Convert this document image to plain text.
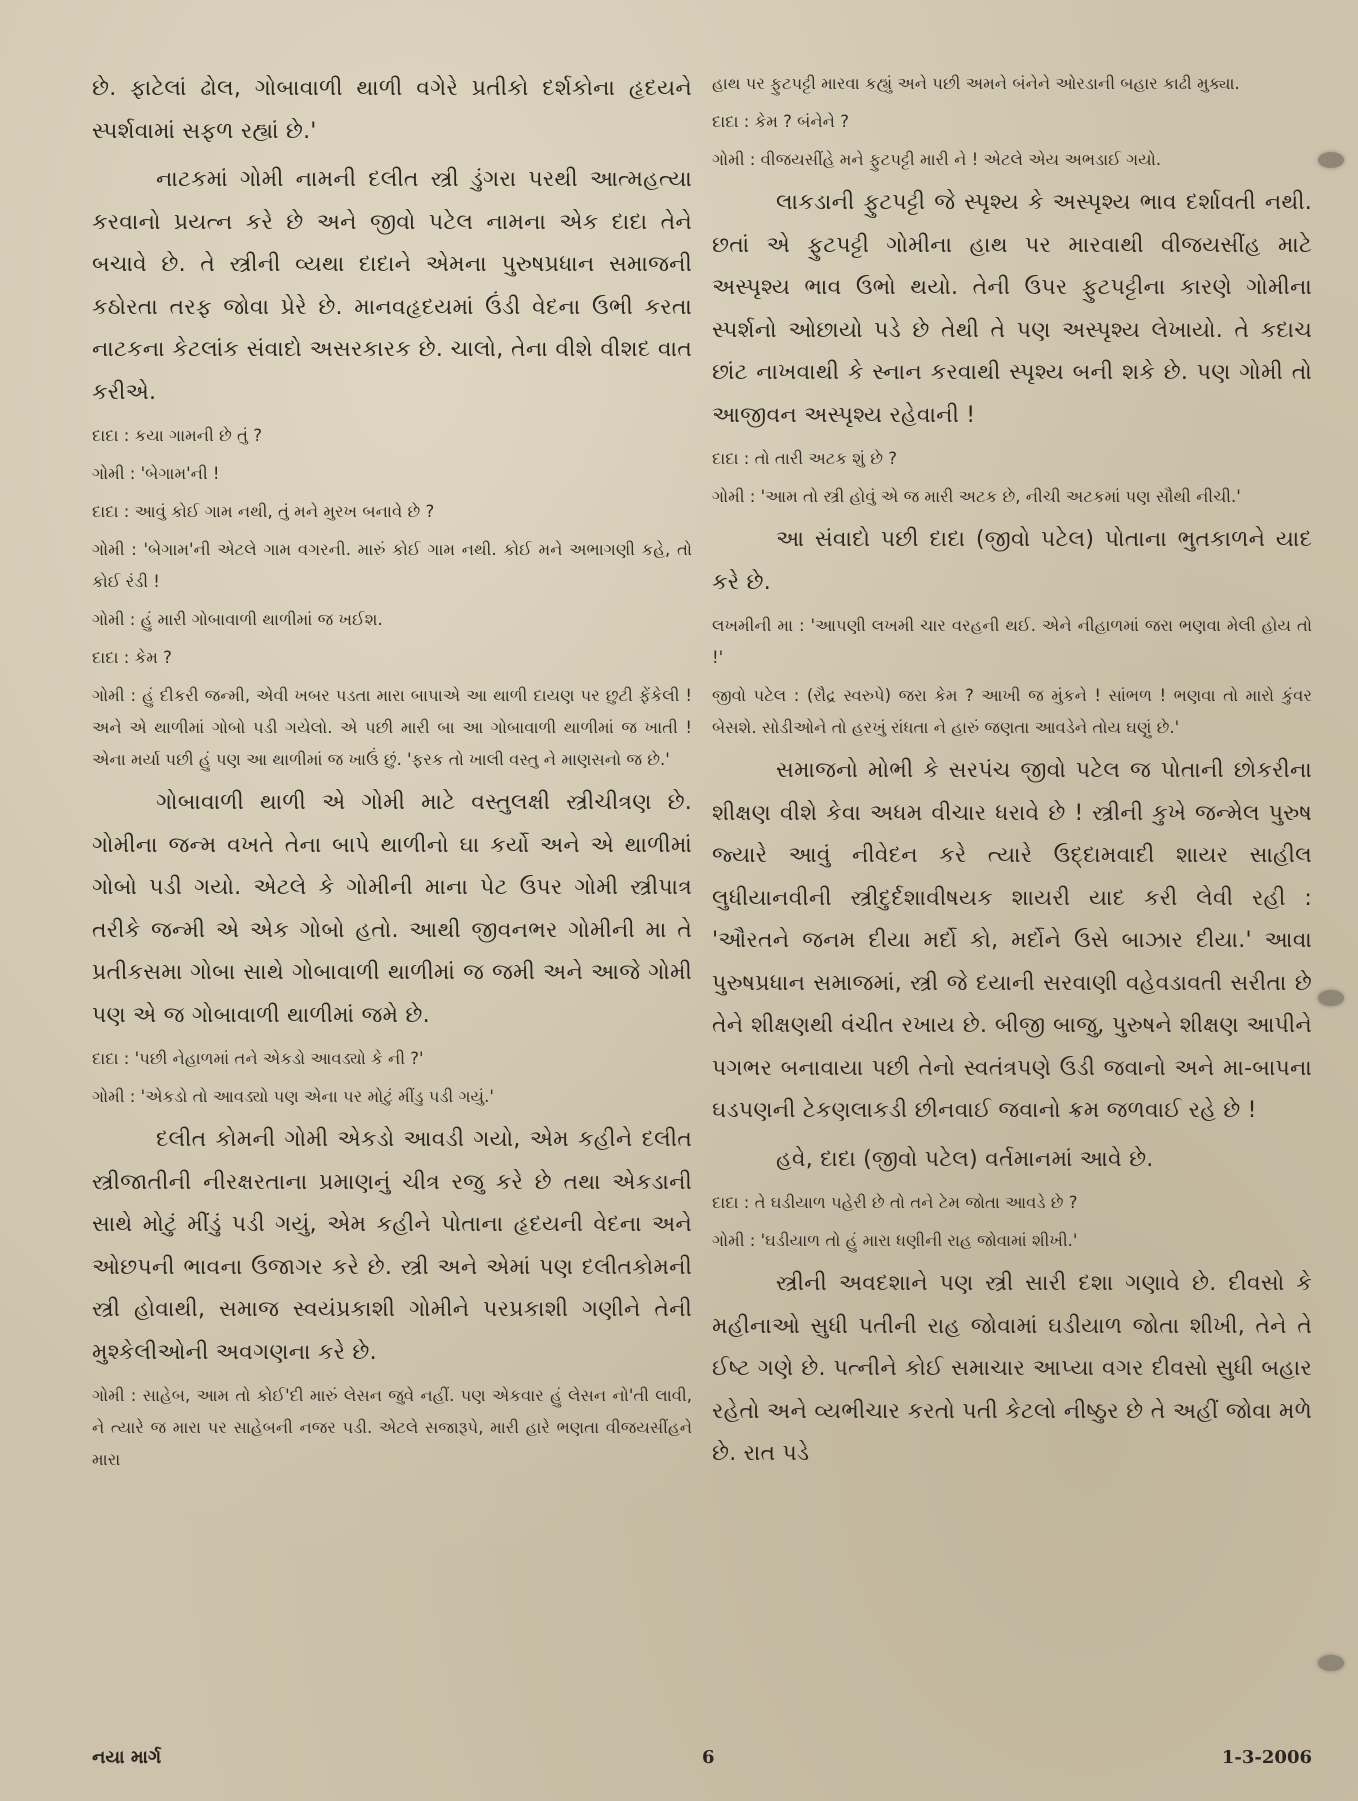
છે. ફાટેલાં ઢોલ, ગોબાવાળી થાળી વગેરે પ્રતીકો દર્શકોના હૃદયને સ્પર્શવામાં સફળ રહ્યાં છે.'

નાટકમાં ગોમી નામની દલીત સ્ત્રી ડુંગરા પરથી આત્મહત્યા કરવાનો પ્રયત્ન કરે છે અને જીવો પટેલ નામના એક દાદા તેને બચાવે છે. તે સ્ત્રીની વ્યથા દાદાને એમના પુરુષપ્રધાન સમાજની કઠોરતા તરફ જોવા પ્રેરે છે. માનવહૃદયમાં ઉંડી વેદના ઉભી કરતા નાટકના કેટલાંક સંવાદો અસરકારક છે. ચાલો, તેના વીશે વીશદ વાત કરીએ.

દાદા : કયા ગામની છે તું ?

ગોમી : 'બેગામ'ની !

દાદા : આવું કોઈ ગામ નથી, તું મને મુરખ બનાવે છે ?

ગોમી : 'બેગામ'ની એટલે ગામ વગરની. મારું કોઈ ગામ નથી. કોઈ મને અભાગણી કહે, તો કોઈ રંડી !

ગોમી : હું મારી ગોબાવાળી થાળીમાં જ ખઈશ.

દાદા : કેમ ?

ગોમી : હું દીકરી જન્મી, એવી ખબર પડતા મારા બાપાએ આ થાળી દાયણ પર છુટી ફેંકેલી ! અને એ થાળીમાં ગોબો પડી ગયેલો. એ પછી મારી બા આ ગોબાવાળી થાળીમાં જ ખાતી ! એના મર્યા પછી હું પણ આ થાળીમાં જ ખાઉં છું. 'ફરક તો ખાલી વસ્તુ ને માણસનો જ છે.'

ગોબાવાળી થાળી એ ગોમી માટે વસ્તુલક્ષી સ્ત્રીચીત્રણ છે. ગોમીના જન્મ વખતે તેના બાપે થાળીનો ઘા કર્યો અને એ થાળીમાં ગોબો પડી ગયો. એટલે કે ગોમીની માના પેટ ઉપર ગોમી સ્ત્રીપાત્ર તરીકે જન્મી એ એક ગોબો હતો. આથી જીવનભર ગોમીની મા તે પ્રતીકસમા ગોબા સાથે ગોબાવાળી થાળીમાં જ જમી અને આજે ગોમી પણ એ જ ગોબાવાળી થાળીમાં જમે છે.

દાદા : 'પછી નેહાળમાં તને એકડો આવડ્યો કે ની ?'

ગોમી : 'એકડો તો આવડ્યો પણ એના પર મોટું મીંડુ પડી ગયું.'

દલીત કોમની ગોમી એકડો આવડી ગયો, એમ કહીને દલીત સ્ત્રીજાતીની નીરક્ષરતાના પ્રમાણનું ચીત્ર રજુ કરે છે તથા એકડાની સાથે મોટું મીંડું પડી ગયું, એમ કહીને પોતાના હૃદયની વેદના અને ઓછપની ભાવના ઉજાગર કરે છે. સ્ત્રી અને એમાં પણ દલીતકોમની સ્ત્રી હોવાથી, સમાજ સ્વયંપ્રકાશી ગોમીને પરપ્રકાશી ગણીને તેની મુશ્કેલીઓની અવગણના કરે છે.

ગોમી : સાહેબ, આમ તો કોઈ'દી મારું લેસન જુવે નહીં. પણ એકવાર હું લેસન નો'તી લાવી, ને ત્યારે જ મારા પર સાહેબની નજર પડી. એટલે સજારૂપે, મારી હારે ભણતા વીજયસીંહને મારા

હાથ પર ફુટપટ્ટી મારવા કહ્યું અને પછી અમને બંનેને ઓરડાની બહાર કાઢી મુક્યા.

દાદા : કેમ ? બંનેને ?

ગોમી : વીજયસીંહે મને ફુટપટ્ટી મારી ને ! એટલે એય અભડાઈ ગયો.

લાકડાની ફુટપટ્ટી જે સ્પૃશ્ય કે અસ્પૃશ્ય ભાવ દર્શાવતી નથી. છતાં એ ફુટપટ્ટી ગોમીના હાથ પર મારવાથી વીજયસીંહ માટે અસ્પૃશ્ય ભાવ ઉભો થયો. તેની ઉપર ફુટપટ્ટીના કારણે ગોમીના સ્પર્શનો ઓછાયો પડે છે તેથી તે પણ અસ્પૃશ્ય લેખાયો. તે કદાચ છાંટ નાખવાથી કે સ્નાન કરવાથી સ્પૃશ્ય બની શકે છે. પણ ગોમી તો આજીવન અસ્પૃશ્ય રહેવાની !

દાદા : તો તારી અટક શું છે ?

ગોમી : 'આમ તો સ્ત્રી હોવું એ જ મારી અટક છે, નીચી અટકમાં પણ સૌથી નીચી.'

આ સંવાદો પછી દાદા (જીવો પટેલ) પોતાના ભુતકાળને યાદ કરે છે.

લખમીની મા : 'આપણી લખમી ચાર વરહની થઈ. એને નીહાળમાં જરા ભણવા મેલી હોય તો !'

જીવો પટેલ : (રૌદ્ર સ્વરુપે) જરા કેમ ? આખી જ મુંકને ! સાંભળ ! ભણવા તો મારો કુંવર બેસશે. સોડીઓને તો હરખું રાંધતા ને હારું જણતા આવડેને તોય ઘણું છે.'

સમાજનો મોભી કે સરપંચ જીવો પટેલ જ પોતાની છોકરીના શીક્ષણ વીશે કેવા અધમ વીચાર ધરાવે છે ! સ્ત્રીની કુખે જન્મેલ પુરુષ જ્યારે આવું નીવેદન કરે ત્યારે ઉદ્દામવાદી શાયર સાહીલ લુધીયાનવીની સ્ત્રીદુર્દશાવીષયક શાયરી યાદ કરી લેવી રહી : 'ઔરતને જનમ દીયા મર્દો કો, મર્દોને ઉસે બાઝાર દીયા.' આવા પુરુષપ્રધાન સમાજમાં, સ્ત્રી જે દયાની સરવાણી વહેવડાવતી સરીતા છે તેને શીક્ષણથી વંચીત રખાય છે. બીજી બાજુ, પુરુષને શીક્ષણ આપીને પગભર બનાવાયા પછી તેનો સ્વતંત્રપણે ઉડી જવાનો અને મા-બાપના ઘડપણની ટેકણલાકડી છીનવાઈ જવાનો ક્રમ જળવાઈ રહે છે !

હવે, દાદા (જીવો પટેલ) વર્તમાનમાં આવે છે.

દાદા : તે ઘડીયાળ પહેરી છે તો તને ટેમ જોતા આવડે છે ?

ગોમી : 'ઘડીયાળ તો હું મારા ધણીની રાહ જોવામાં શીખી.'

સ્ત્રીની અવદશાને પણ સ્ત્રી સારી દશા ગણાવે છે. દીવસો કે મહીનાઓ સુધી પતીની રાહ જોવામાં ઘડીયાળ જોતા શીખી, તેને તે ઈષ્ટ ગણે છે. પત્નીને કોઈ સમાચાર આપ્યા વગર દીવસો સુધી બહાર રહેતો અને વ્યભીચાર કરતો પતી કેટલો નીષ્ઠુર છે તે અહીં જોવા મળે છે. રાત પડે

નયા માર્ગ	6	1-3-2006
